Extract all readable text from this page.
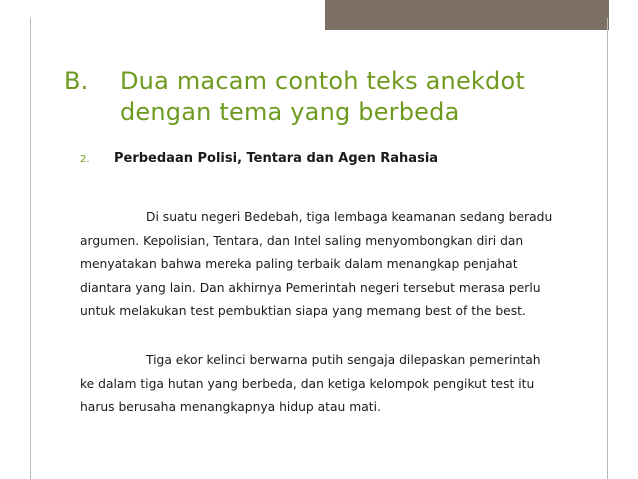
B. Dua macam contoh teks anekdot
dengan tema yang berbeda
2. Perbedaan Polisi, Tentara dan Agen Rahasia

Di suatu negeri Bedebah, tiga lembaga keamanan sedang beradu
argumen. Kepolisian, Tentara, dan Intel saling menyombongkan diri dan
menyatakan bahwa mereka paling terbaik dalam menangkap penjahat
diantara yang lain. Dan akhirnya Pemerintah negeri tersebut merasa perlu
untuk melakukan test pembuktian siapa yang memang best of the best.

Tiga ekor kelinci berwarna putih sengaja dilepaskan pemerintah
ke dalam tiga hutan yang berbeda, dan ketiga kelompok pengikut test itu
harus berusaha menangkapnya hidup atau mati.
